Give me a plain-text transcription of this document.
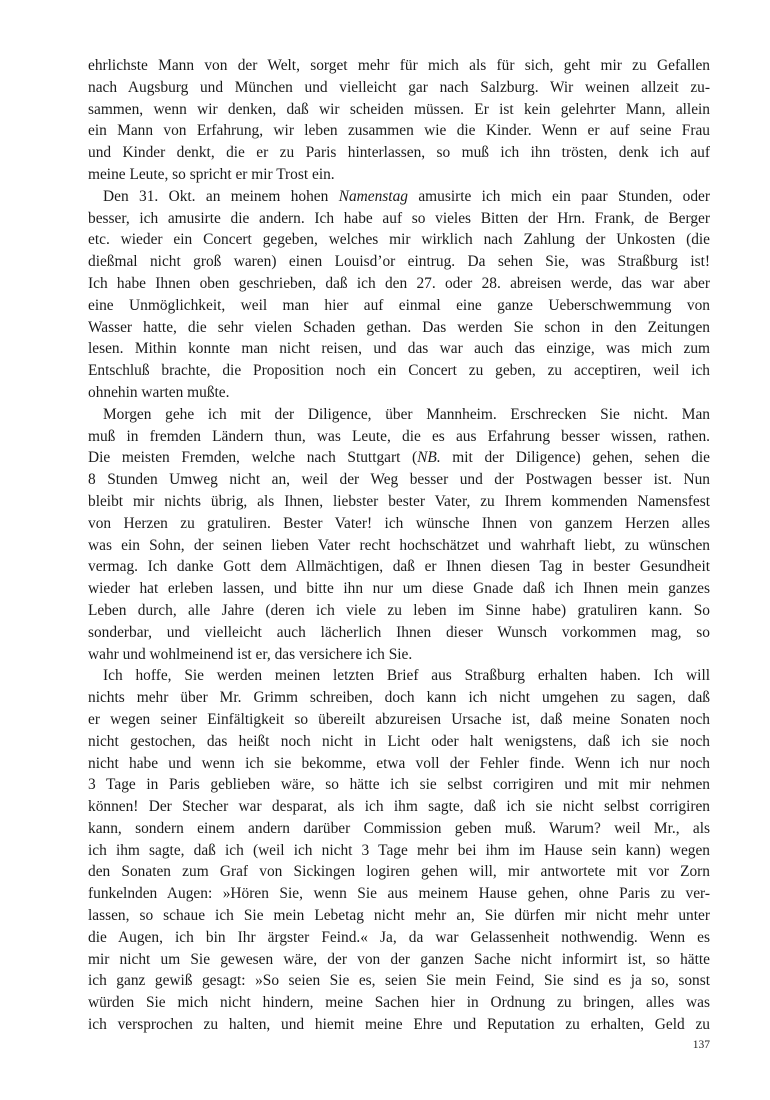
ehrlichste Mann von der Welt, sorget mehr für mich als für sich, geht mir zu Gefallen
nach Augsburg und München und vielleicht gar nach Salzburg. Wir weinen allzeit zu-
sammen, wenn wir denken, daß wir scheiden müssen. Er ist kein gelehrter Mann, allein
ein Mann von Erfahrung, wir leben zusammen wie die Kinder. Wenn er auf seine Frau
und Kinder denkt, die er zu Paris hinterlassen, so muß ich ihn trösten, denk ich auf
meine Leute, so spricht er mir Trost ein.
Den 31. Okt. an meinem hohen Namenstag amusirte ich mich ein paar Stunden, oder
besser, ich amusirte die andern. Ich habe auf so vieles Bitten der Hrn. Frank, de Berger
etc. wieder ein Concert gegeben, welches mir wirklich nach Zahlung der Unkosten (die
dießmal nicht groß waren) einen Louisd’or eintrug. Da sehen Sie, was Straßburg ist!
Ich habe Ihnen oben geschrieben, daß ich den 27. oder 28. abreisen werde, das war aber
eine Unmöglichkeit, weil man hier auf einmal eine ganze Ueberschwemmung von
Wasser hatte, die sehr vielen Schaden gethan. Das werden Sie schon in den Zeitungen
lesen. Mithin konnte man nicht reisen, und das war auch das einzige, was mich zum
Entschluß brachte, die Proposition noch ein Concert zu geben, zu acceptiren, weil ich
ohnehin warten mußte.
Morgen gehe ich mit der Diligence, über Mannheim. Erschrecken Sie nicht. Man
muß in fremden Ländern thun, was Leute, die es aus Erfahrung besser wissen, rathen.
Die meisten Fremden, welche nach Stuttgart (NB. mit der Diligence) gehen, sehen die
8 Stunden Umweg nicht an, weil der Weg besser und der Postwagen besser ist. Nun
bleibt mir nichts übrig, als Ihnen, liebster bester Vater, zu Ihrem kommenden Namensfest
von Herzen zu gratuliren. Bester Vater! ich wünsche Ihnen von ganzem Herzen alles
was ein Sohn, der seinen lieben Vater recht hochschätzet und wahrhaft liebt, zu wünschen
vermag. Ich danke Gott dem Allmächtigen, daß er Ihnen diesen Tag in bester Gesundheit
wieder hat erleben lassen, und bitte ihn nur um diese Gnade daß ich Ihnen mein ganzes
Leben durch, alle Jahre (deren ich viele zu leben im Sinne habe) gratuliren kann. So
sonderbar, und vielleicht auch lächerlich Ihnen dieser Wunsch vorkommen mag, so
wahr und wohlmeinend ist er, das versichere ich Sie.
Ich hoffe, Sie werden meinen letzten Brief aus Straßburg erhalten haben. Ich will
nichts mehr über Mr. Grimm schreiben, doch kann ich nicht umgehen zu sagen, daß
er wegen seiner Einfältigkeit so übereilt abzureisen Ursache ist, daß meine Sonaten noch
nicht gestochen, das heißt noch nicht in Licht oder halt wenigstens, daß ich sie noch
nicht habe und wenn ich sie bekomme, etwa voll der Fehler finde. Wenn ich nur noch
3 Tage in Paris geblieben wäre, so hätte ich sie selbst corrigiren und mit mir nehmen
können! Der Stecher war desparat, als ich ihm sagte, daß ich sie nicht selbst corrigiren
kann, sondern einem andern darüber Commission geben muß. Warum? weil Mr., als
ich ihm sagte, daß ich (weil ich nicht 3 Tage mehr bei ihm im Hause sein kann) wegen
den Sonaten zum Graf von Sickingen logiren gehen will, mir antwortete mit vor Zorn
funkelnden Augen: »Hören Sie, wenn Sie aus meinem Hause gehen, ohne Paris zu ver-
lassen, so schaue ich Sie mein Lebetag nicht mehr an, Sie dürfen mir nicht mehr unter
die Augen, ich bin Ihr ärgster Feind.« Ja, da war Gelassenheit nothwendig. Wenn es
mir nicht um Sie gewesen wäre, der von der ganzen Sache nicht informirt ist, so hätte
ich ganz gewiß gesagt: »So seien Sie es, seien Sie mein Feind, Sie sind es ja so, sonst
würden Sie mich nicht hindern, meine Sachen hier in Ordnung zu bringen, alles was
ich versprochen zu halten, und hiemit meine Ehre und Reputation zu erhalten, Geld zu
137
